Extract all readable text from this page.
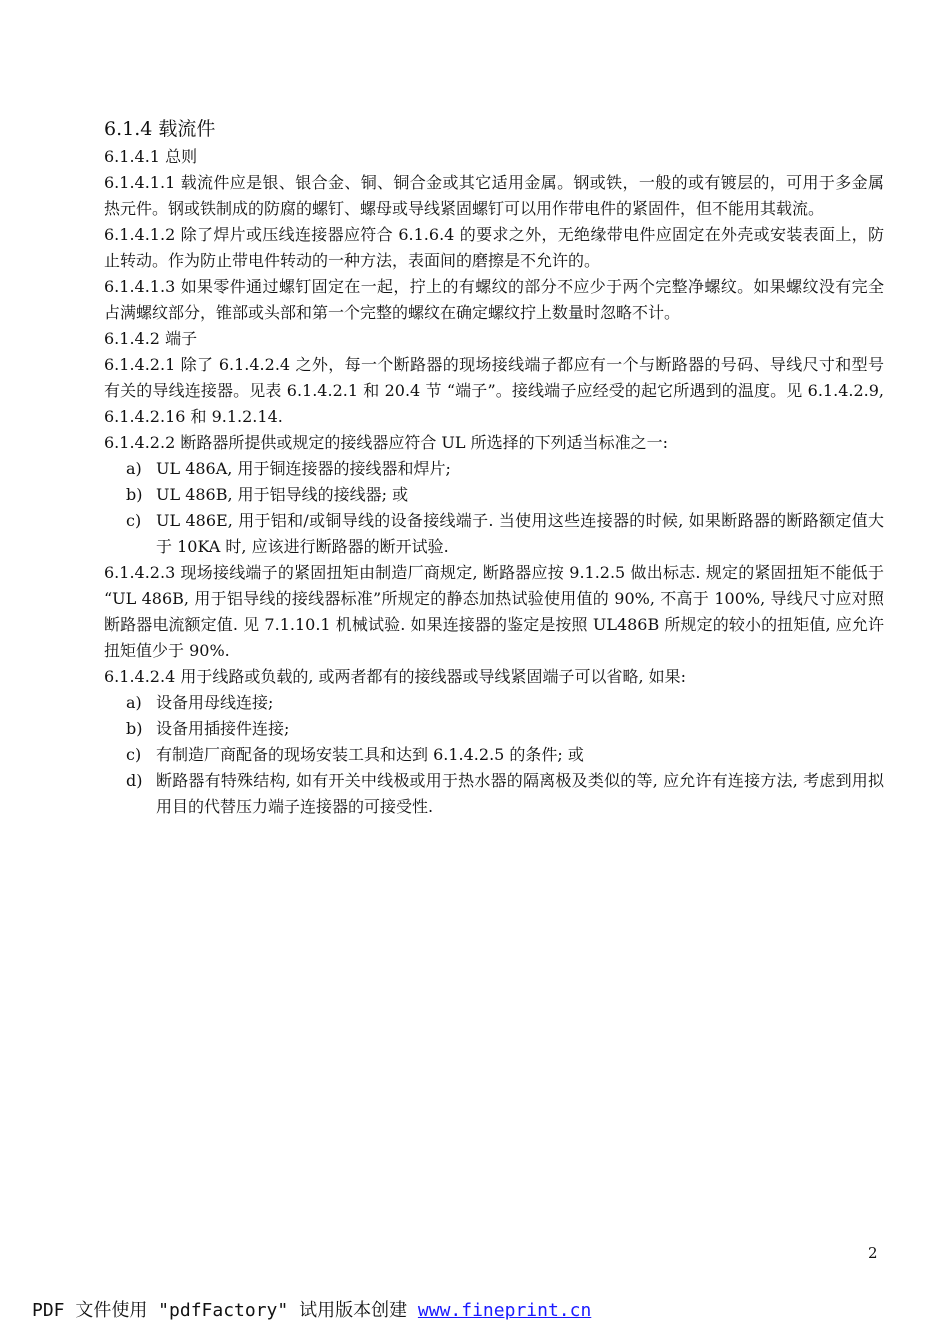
6.1.4 载流件

6.1.4.1 总则

6.1.4.1.1 载流件应是银、银合金、铜、铜合金或其它适用金属。钢或铁，一般的或有镀层的，可用于多金属热元件。钢或铁制成的防腐的螺钉、螺母或导线紧固螺钉可以用作带电件的紧固件，但不能用其载流。

6.1.4.1.2 除了焊片或压线连接器应符合 6.1.6.4 的要求之外，无绝缘带电件应固定在外壳或安装表面上，防止转动。作为防止带电件转动的一种方法，表面间的磨擦是不允许的。

6.1.4.1.3 如果零件通过螺钉固定在一起，拧上的有螺纹的部分不应少于两个完整净螺纹。如果螺纹没有完全占满螺纹部分，锥部或头部和第一个完整的螺纹在确定螺纹拧上数量时忽略不计。

6.1.4.2 端子

6.1.4.2.1 除了 6.1.4.2.4 之外，每一个断路器的现场接线端子都应有一个与断路器的号码、导线尺寸和型号有关的导线连接器。见表 6.1.4.2.1 和 20.4 节 “端子”。接线端子应经受的起它所遇到的温度。见 6.1.4.2.9, 6.1.4.2.16 和 9.1.2.14.

6.1.4.2.2 断路器所提供或规定的接线器应符合 UL 所选择的下列适当标准之一:

a) UL 486A, 用于铜连接器的接线器和焊片;
b) UL 486B, 用于铝导线的接线器; 或
c) UL 486E, 用于铝和/或铜导线的设备接线端子. 当使用这些连接器的时候, 如果断路器的断路额定值大于 10KA 时, 应该进行断路器的断开试验.

6.1.4.2.3 现场接线端子的紧固扭矩由制造厂商规定, 断路器应按 9.1.2.5 做出标志. 规定的紧固扭矩不能低于 “UL 486B, 用于铝导线的接线器标准”所规定的静态加热试验使用值的 90%, 不高于 100%, 导线尺寸应对照断路器电流额定值. 见 7.1.10.1 机械试验. 如果连接器的鉴定是按照 UL486B 所规定的较小的扭矩值, 应允许扭矩值少于 90%.

6.1.4.2.4 用于线路或负载的, 或两者都有的接线器或导线紧固端子可以省略, 如果:

a) 设备用母线连接;
b) 设备用插接件连接;
c) 有制造厂商配备的现场安装工具和达到 6.1.4.2.5 的条件; 或
d) 断路器有特殊结构, 如有开关中线极或用于热水器的隔离极及类似的等, 应允许有连接方法, 考虑到用拟用目的代替压力端子连接器的可接受性.
2
PDF 文件使用 "pdfFactory" 试用版本创建 www.fineprint.cn
